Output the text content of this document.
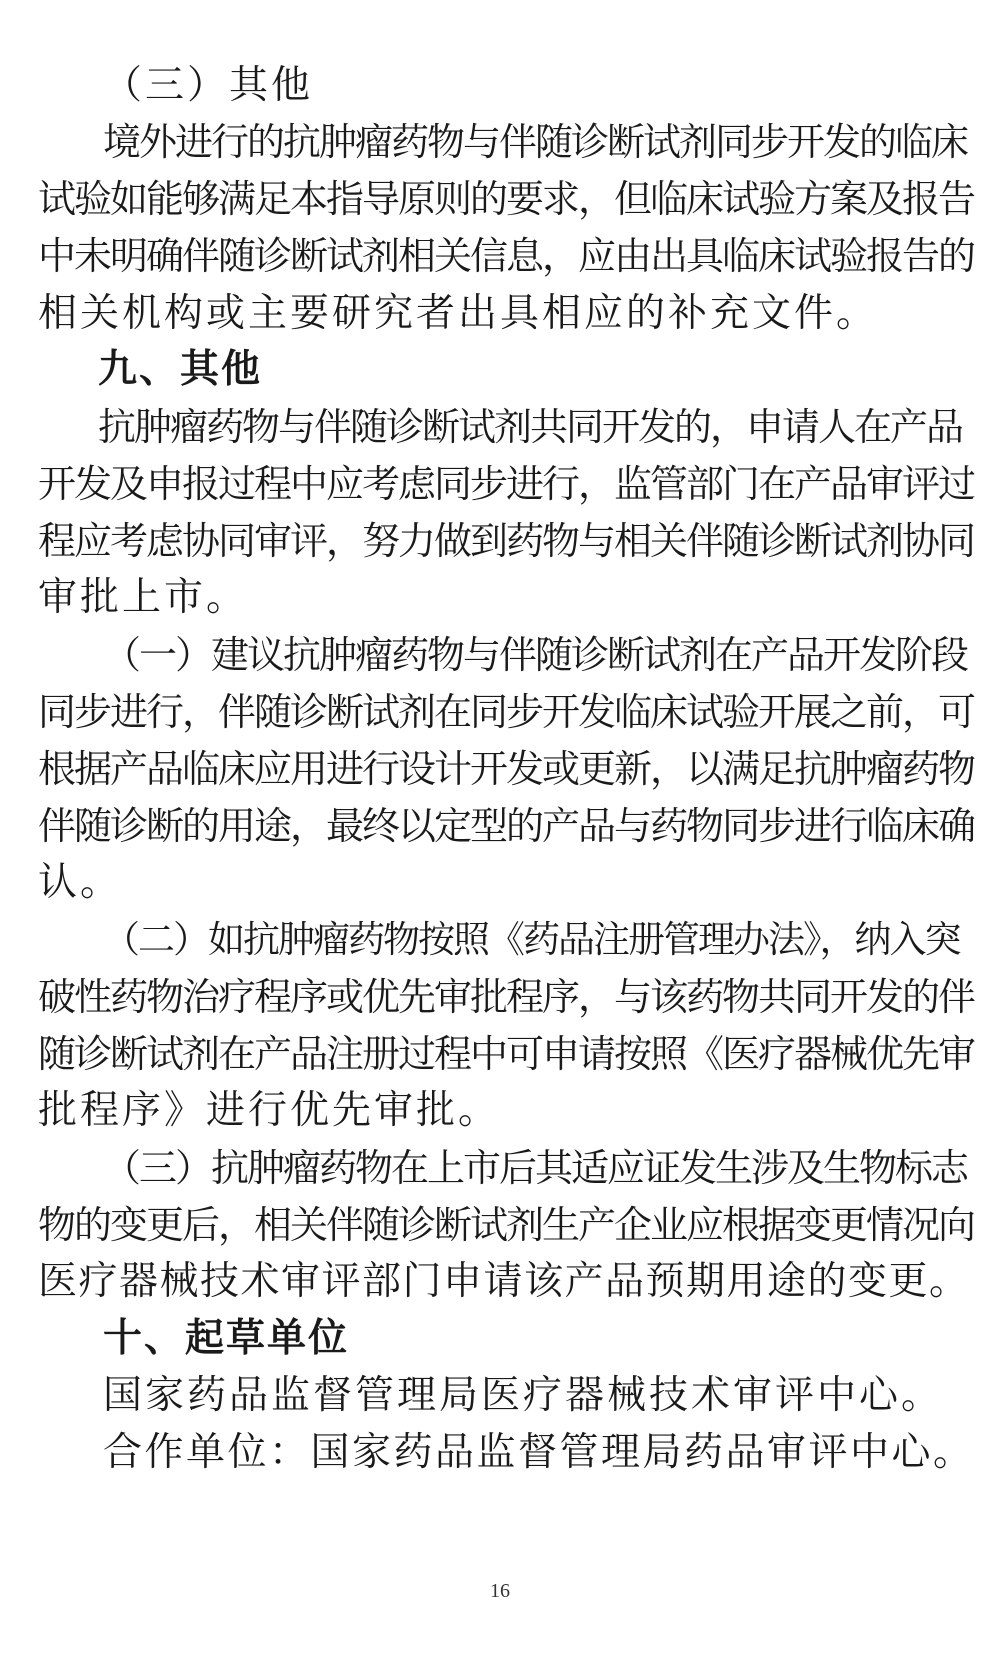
（三）其他
境外进行的抗肿瘤药物与伴随诊断试剂同步开发的临床
试验如能够满足本指导原则的要求，但临床试验方案及报告
中未明确伴随诊断试剂相关信息，应由出具临床试验报告的
相关机构或主要研究者出具相应的补充文件。
九、其他
抗肿瘤药物与伴随诊断试剂共同开发的，申请人在产品
开发及申报过程中应考虑同步进行，监管部门在产品审评过
程应考虑协同审评，努力做到药物与相关伴随诊断试剂协同
审批上市。
（一）建议抗肿瘤药物与伴随诊断试剂在产品开发阶段
同步进行，伴随诊断试剂在同步开发临床试验开展之前，可
根据产品临床应用进行设计开发或更新，以满足抗肿瘤药物
伴随诊断的用途，最终以定型的产品与药物同步进行临床确
认。
（二）如抗肿瘤药物按照《药品注册管理办法》，纳入突
破性药物治疗程序或优先审批程序，与该药物共同开发的伴
随诊断试剂在产品注册过程中可申请按照《医疗器械优先审
批程序》进行优先审批。
（三）抗肿瘤药物在上市后其适应证发生涉及生物标志
物的变更后，相关伴随诊断试剂生产企业应根据变更情况向
医疗器械技术审评部门申请该产品预期用途的变更。
十、起草单位
国家药品监督管理局医疗器械技术审评中心。
合作单位：国家药品监督管理局药品审评中心。
16
